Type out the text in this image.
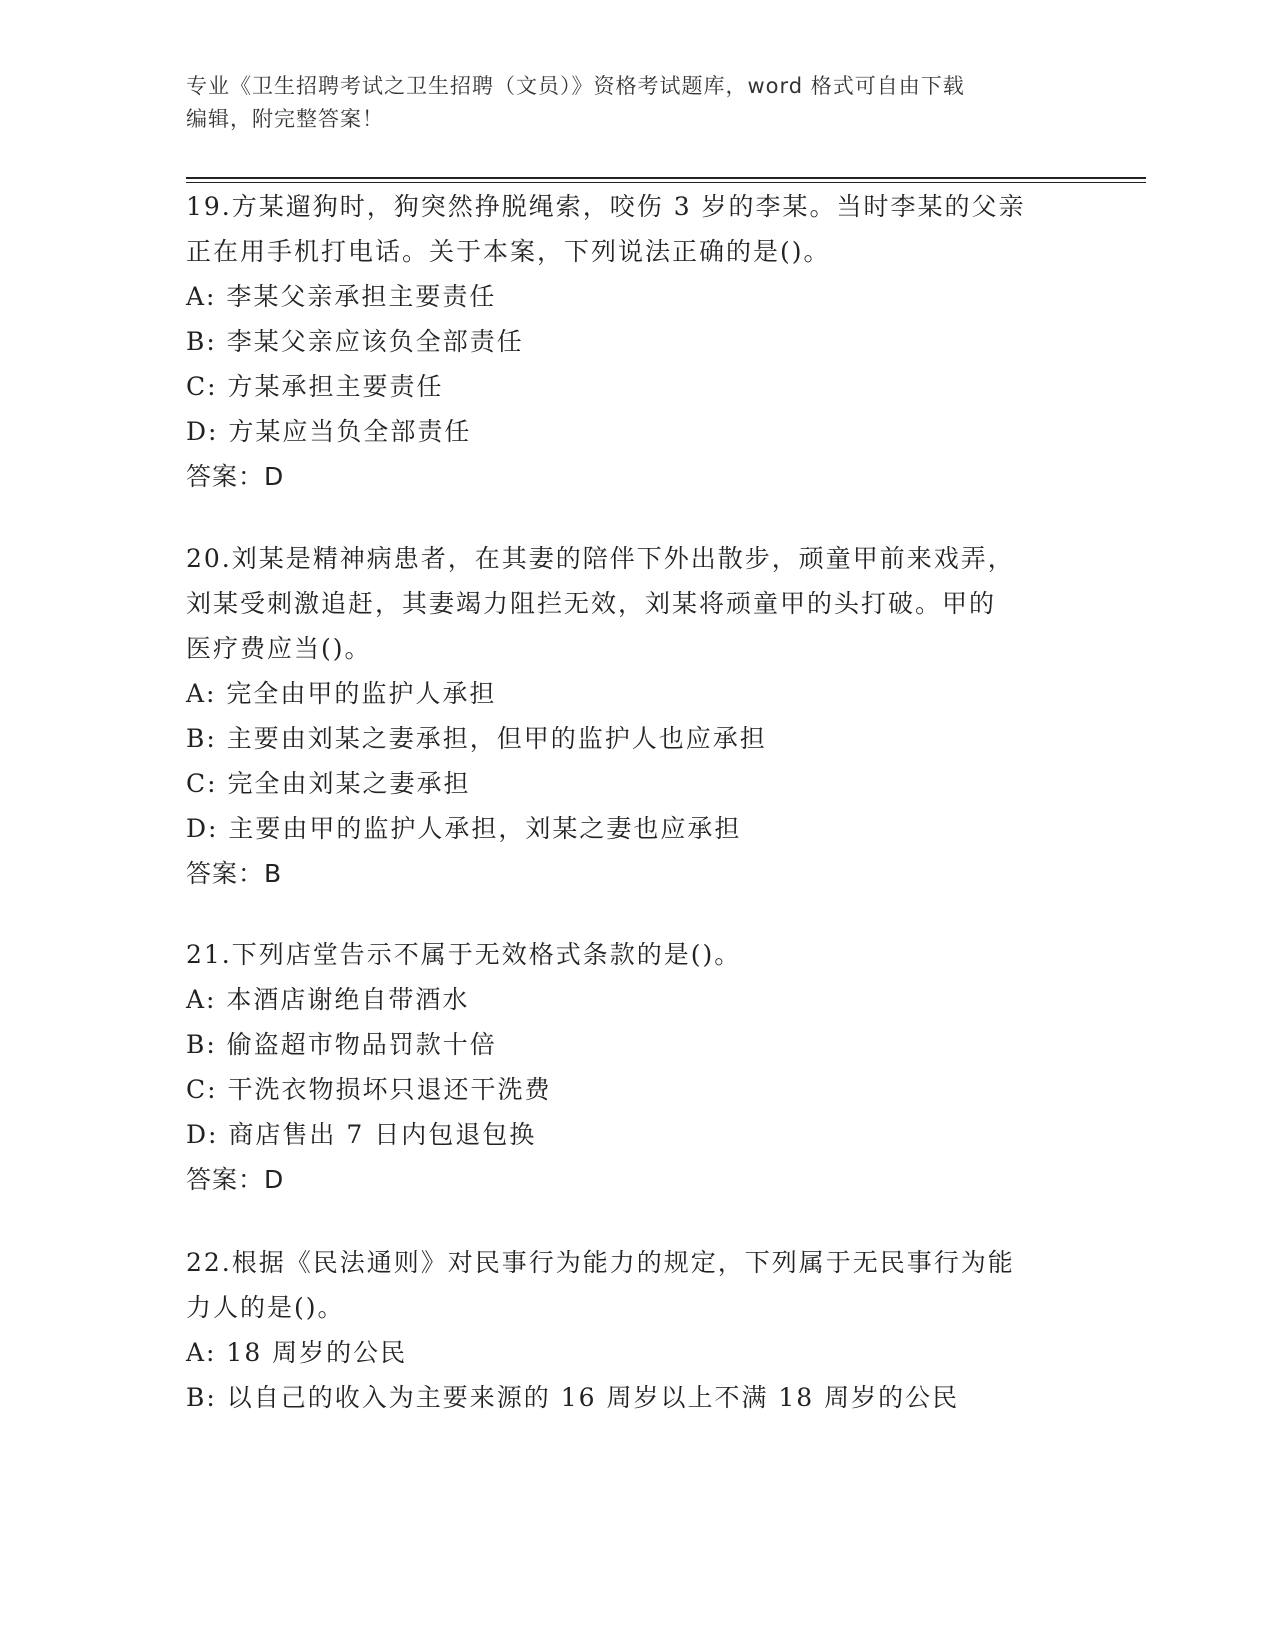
专业《卫生招聘考试之卫生招聘（文员）》资格考试题库，word 格式可自由下载
编辑，附完整答案！
19.方某遛狗时，狗突然挣脱绳索，咬伤 3 岁的李某。当时李某的父亲
正在用手机打电话。关于本案，下列说法正确的是()。
A: 李某父亲承担主要责任
B: 李某父亲应该负全部责任
C: 方某承担主要责任
D: 方某应当负全部责任
答案：D
20.刘某是精神病患者，在其妻的陪伴下外出散步，顽童甲前来戏弄，
刘某受刺激追赶，其妻竭力阻拦无效，刘某将顽童甲的头打破。甲的
医疗费应当()。
A: 完全由甲的监护人承担
B: 主要由刘某之妻承担，但甲的监护人也应承担
C: 完全由刘某之妻承担
D: 主要由甲的监护人承担，刘某之妻也应承担
答案：B
21.下列店堂告示不属于无效格式条款的是()。
A: 本酒店谢绝自带酒水
B: 偷盗超市物品罚款十倍
C: 干洗衣物损坏只退还干洗费
D: 商店售出 7 日内包退包换
答案：D
22.根据《民法通则》对民事行为能力的规定，下列属于无民事行为能
力人的是()。
A: 18 周岁的公民
B: 以自己的收入为主要来源的 16 周岁以上不满 18 周岁的公民
